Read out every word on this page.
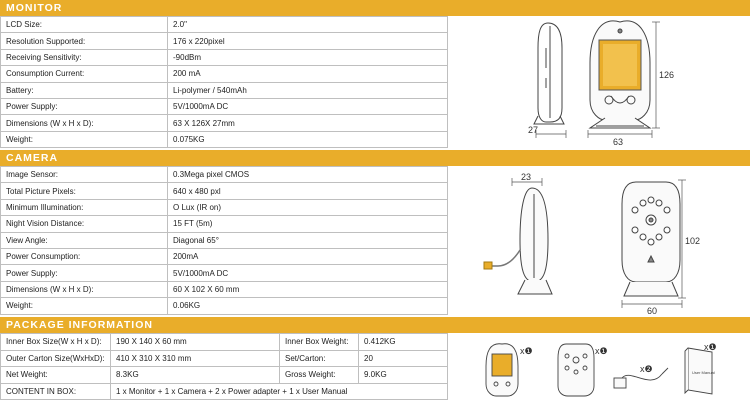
MONITOR
LCD Size:	2.0"
Resolution Supported:	176 x 220pixel
Receiving Sensitivity:	-90dBm
Consumption Current:	200 mA
Battery:	Li-polymer / 540mAh
Power Supply:	5V/1000mA DC
Dimensions (W x H x D):	63 X 126X 27mm
Weight:	0.075KG
CAMERA
Image Sensor:	0.3Mega pixel CMOS
Total Picture Pixels:	640 x 480 pxl
Minimum Illumination:	O Lux (IR on)
Night Vision Distance:	15 FT (5m)
View Angle:	Diagonal 65°
Power Consumption:	200mA
Power Supply:	5V/1000mA DC
Dimensions (W x H x D):	60 X 102 X 60 mm
Weight:	0.06KG
PACKAGE INFORMATION
Inner Box Size(W x H x D):	190 X 140 X 60 mm	Inner Box Weight:	0.412KG
Outer Carton Size(WxHxD):	410 X 310 X 310 mm	Set/Carton:	20
Net Weight:	8.3KG	Gross Weight:	9.0KG
CONTENT IN BOX:	1 x Monitor + 1 x Camera + 2 x Power adapter + 1 x User Manual		
126
27
63
23
102
60
x❶	x❶
x❷	User Manual
x❶
